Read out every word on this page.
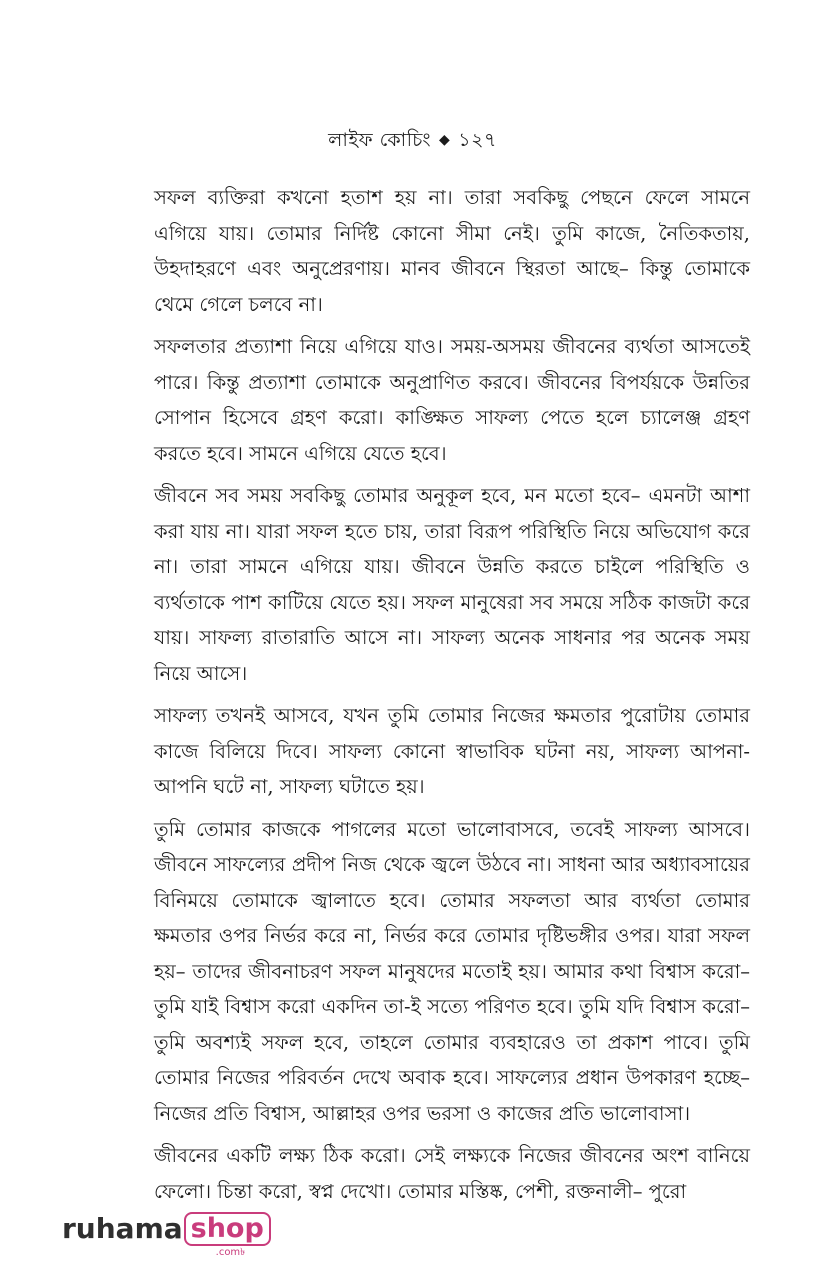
লাইফ কোচিং ◆ ১২৭

সফল ব্যক্তিরা কখনো হতাশ হয় না। তারা সবকিছু পেছনে ফেলে সামনে এগিয়ে যায়। তোমার নির্দিষ্ট কোনো সীমা নেই। তুমি কাজে, নৈতিকতায়, উহদাহরণে এবং অনুপ্রেরণায়। মানব জীবনে স্থিরতা আছে– কিন্তু তোমাকে থেমে গেলে চলবে না।

সফলতার প্রত্যাশা নিয়ে এগিয়ে যাও। সময়-অসময় জীবনের ব্যর্থতা আসতেই পারে। কিন্তু প্রত্যাশা তোমাকে অনুপ্রাণিত করবে। জীবনের বিপর্যয়কে উন্নতির সোপান হিসেবে গ্রহণ করো। কাঙ্ক্ষিত সাফল্য পেতে হলে চ্যালেঞ্জ গ্রহণ করতে হবে। সামনে এগিয়ে যেতে হবে।

জীবনে সব সময় সবকিছু তোমার অনুকূল হবে, মন মতো হবে– এমনটা আশা করা যায় না। যারা সফল হতে চায়, তারা বিরূপ পরিস্থিতি নিয়ে অভিযোগ করে না। তারা সামনে এগিয়ে যায়। জীবনে উন্নতি করতে চাইলে পরিস্থিতি ও ব্যর্থতাকে পাশ কাটিয়ে যেতে হয়। সফল মানুষেরা সব সময়ে সঠিক কাজটা করে যায়। সাফল্য রাতারাতি আসে না। সাফল্য অনেক সাধনার পর অনেক সময় নিয়ে আসে।

সাফল্য তখনই আসবে, যখন তুমি তোমার নিজের ক্ষমতার পুরোটায় তোমার কাজে বিলিয়ে দিবে। সাফল্য কোনো স্বাভাবিক ঘটনা নয়, সাফল্য আপনা-আপনি ঘটে না, সাফল্য ঘটাতে হয়।

তুমি তোমার কাজকে পাগলের মতো ভালোবাসবে, তবেই সাফল্য আসবে। জীবনে সাফল্যের প্রদীপ নিজ থেকে জ্বলে উঠবে না। সাধনা আর অধ্যাবসায়ের বিনিময়ে তোমাকে জ্বালাতে হবে। তোমার সফলতা আর ব্যর্থতা তোমার ক্ষমতার ওপর নির্ভর করে না, নির্ভর করে তোমার দৃষ্টিভঙ্গীর ওপর। যারা সফল হয়– তাদের জীবনাচরণ সফল মানুষদের মতোই হয়। আমার কথা বিশ্বাস করো– তুমি যাই বিশ্বাস করো একদিন তা-ই সত্যে পরিণত হবে। তুমি যদি বিশ্বাস করো– তুমি অবশ্যই সফল হবে, তাহলে তোমার ব্যবহারেও তা প্রকাশ পাবে। তুমি তোমার নিজের পরিবর্তন দেখে অবাক হবে। সাফল্যের প্রধান উপকারণ হচ্ছে– নিজের প্রতি বিশ্বাস, আল্লাহর ওপর ভরসা ও কাজের প্রতি ভালোবাসা।

জীবনের একটি লক্ষ্য ঠিক করো। সেই লক্ষ্যকে নিজের জীবনের অংশ বানিয়ে ফেলো। চিন্তা করো, স্বপ্ন দেখো। তোমার মস্তিষ্ক, পেশী, রক্তনালী– পুরো

ruhama shop
.com৳
